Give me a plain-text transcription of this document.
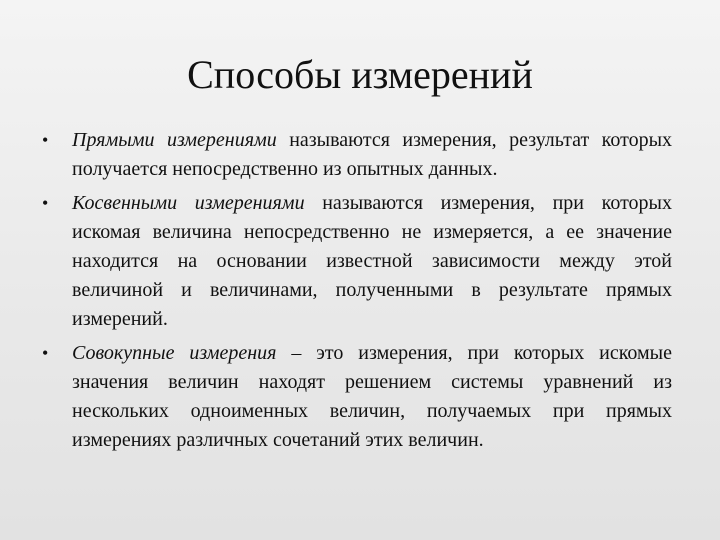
Способы измерений
• Прямыми измерениями называются измерения, результат которых получается непосредственно из опытных данных.
• Косвенными измерениями называются измерения, при которых искомая величина непосредственно не измеряется, а ее значение находится на основании известной зависимости между этой величиной и величинами, полученными в результате прямых измерений.
• Совокупные измерения – это измерения, при которых искомые значения величин находят решением системы уравнений из нескольких одноименных величин, получаемых при прямых измерениях различных сочетаний этих величин.
